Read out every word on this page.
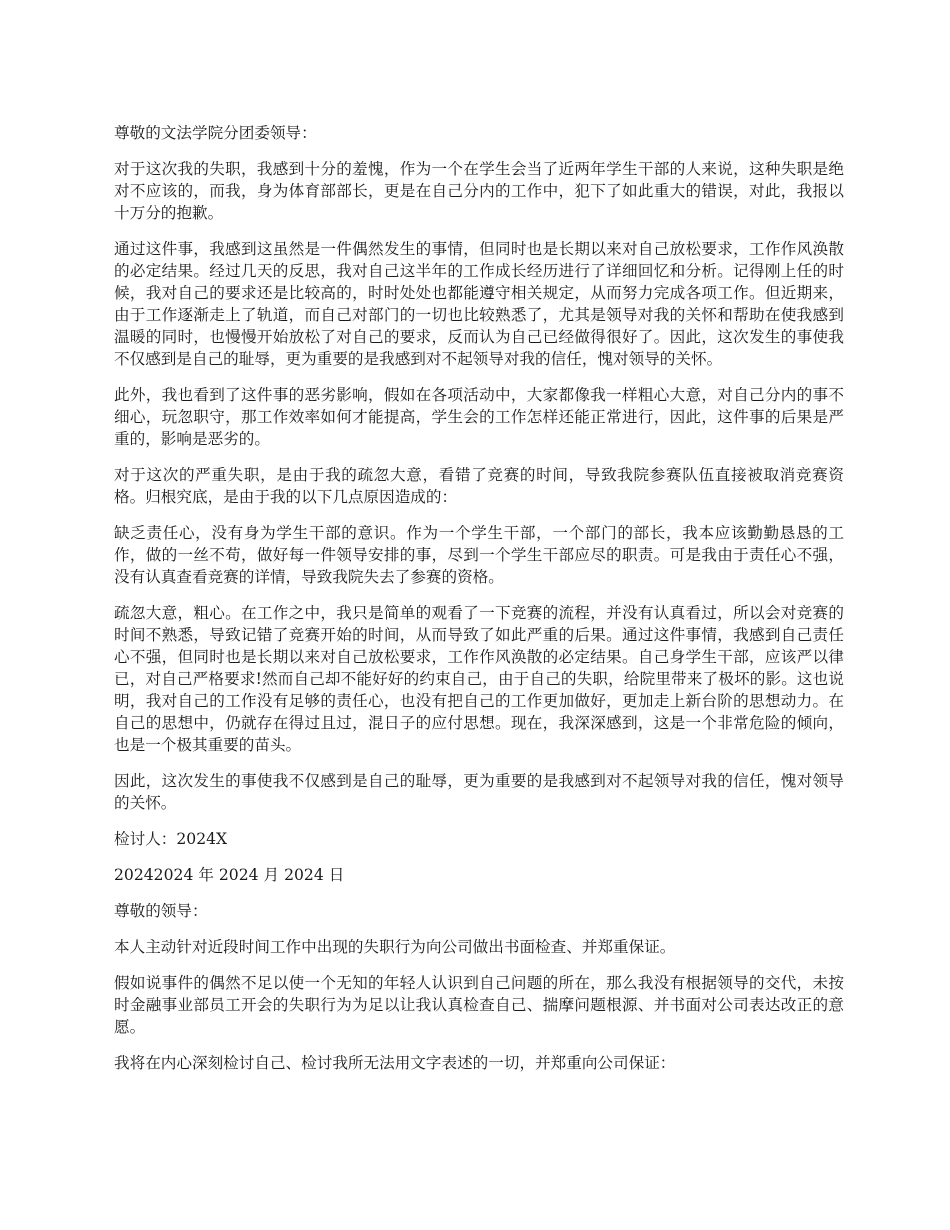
尊敬的文法学院分团委领导：

对于这次我的失职，我感到十分的羞愧，作为一个在学生会当了近两年学生干部的人来说，这种失职是绝对不应该的，而我，身为体育部部长，更是在自己分内的工作中，犯下了如此重大的错误，对此，我报以十万分的抱歉。

通过这件事，我感到这虽然是一件偶然发生的事情，但同时也是长期以来对自己放松要求，工作作风涣散的必定结果。经过几天的反思，我对自己这半年的工作成长经历进行了详细回忆和分析。记得刚上任的时候，我对自己的要求还是比较高的，时时处处也都能遵守相关规定，从而努力完成各项工作。但近期来，由于工作逐渐走上了轨道，而自己对部门的一切也比较熟悉了，尤其是领导对我的关怀和帮助在使我感到温暖的同时，也慢慢开始放松了对自己的要求，反而认为自己已经做得很好了。因此，这次发生的事使我不仅感到是自己的耻辱，更为重要的是我感到对不起领导对我的信任，愧对领导的关怀。

此外，我也看到了这件事的恶劣影响，假如在各项活动中，大家都像我一样粗心大意，对自己分内的事不细心，玩忽职守，那工作效率如何才能提高，学生会的工作怎样还能正常进行，因此，这件事的后果是严重的，影响是恶劣的。

对于这次的严重失职，是由于我的疏忽大意，看错了竞赛的时间，导致我院参赛队伍直接被取消竞赛资格。归根究底，是由于我的以下几点原因造成的：

缺乏责任心，没有身为学生干部的意识。作为一个学生干部，一个部门的部长，我本应该勤勤恳恳的工作，做的一丝不苟，做好每一件领导安排的事，尽到一个学生干部应尽的职责。可是我由于责任心不强，没有认真查看竞赛的详情，导致我院失去了参赛的资格。

疏忽大意，粗心。在工作之中，我只是简单的观看了一下竞赛的流程，并没有认真看过，所以会对竞赛的时间不熟悉，导致记错了竞赛开始的时间，从而导致了如此严重的后果。通过这件事情，我感到自己责任心不强，但同时也是长期以来对自己放松要求，工作作风涣散的必定结果。自己身学生干部，应该严以律已，对自己严格要求!然而自己却不能好好的约束自己，由于自己的失职，给院里带来了极坏的影。这也说明，我对自己的工作没有足够的责任心，也没有把自己的工作更加做好，更加走上新台阶的思想动力。在自己的思想中，仍就存在得过且过，混日子的应付思想。现在，我深深感到，这是一个非常危险的倾向，也是一个极其重要的苗头。

因此，这次发生的事使我不仅感到是自己的耻辱，更为重要的是我感到对不起领导对我的信任，愧对领导的关怀。

检讨人：2024X

20242024 年 2024 月 2024 日

尊敬的领导：

本人主动针对近段时间工作中出现的失职行为向公司做出书面检查、并郑重保证。

假如说事件的偶然不足以使一个无知的年轻人认识到自己问题的所在，那么我没有根据领导的交代，未按时金融事业部员工开会的失职行为为足以让我认真检查自己、揣摩问题根源、并书面对公司表达改正的意愿。

我将在内心深刻检讨自己、检讨我所无法用文字表述的一切，并郑重向公司保证：
